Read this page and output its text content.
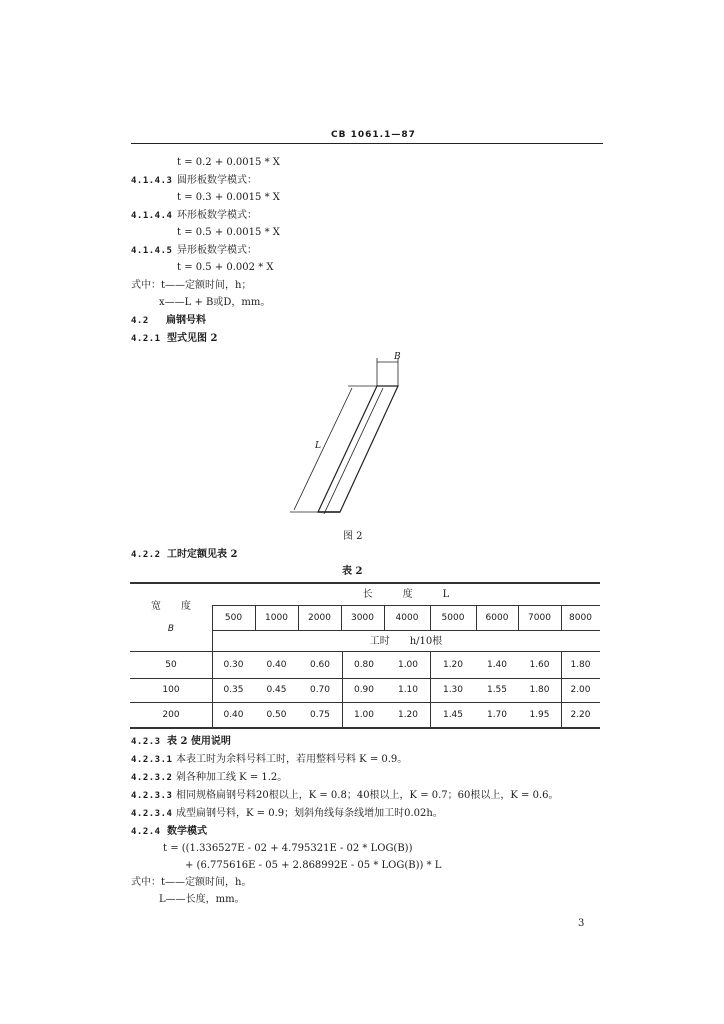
CB 1061.1—87
t = 0.2 + 0.0015 * X
4.1.4.3 圆形板数学模式：
t = 0.3 + 0.0015 * X
4.1.4.4 环形板数学模式：
t = 0.5 + 0.0015 * X
4.1.4.5 异形板数学模式：
t = 0.5 + 0.002 * X
式中：t——定额时间，h；
x——L + B或D，mm。
4.2 扁钢号料
4.2.1 型式见图 2
B
L
图 2
4.2.2 工时定额见表 2
表 2
宽　　度
B
长　　　度　　　L
工时　　h/10根
500	1000	2000	3000	4000	5000	6000	7000	8000
50	0.30	0.40	0.60	0.80	1.00	1.20	1.40	1.60	1.80
100	0.35	0.45	0.70	0.90	1.10	1.30	1.55	1.80	2.00
200	0.40	0.50	0.75	1.00	1.20	1.45	1.70	1.95	2.20
4.2.3 表 2 使用说明
4.2.3.1 本表工时为余料号料工时，若用整料号料 K = 0.9。
4.2.3.2 剁各种加工线 K = 1.2。
4.2.3.3 相同规格扁钢号料20根以上，K = 0.8；40根以上，K = 0.7；60根以上，K = 0.6。
4.2.3.4 成型扁钢号料，K = 0.9；划斜角线每条线增加工时0.02h。
4.2.4 数学模式
t = ((1.336527E - 02 + 4.795321E - 02 * LOG(B))
+ (6.775616E - 05 + 2.868992E - 05 * LOG(B)) * L
式中：t——定额时间，h。
L——长度，mm。
3
